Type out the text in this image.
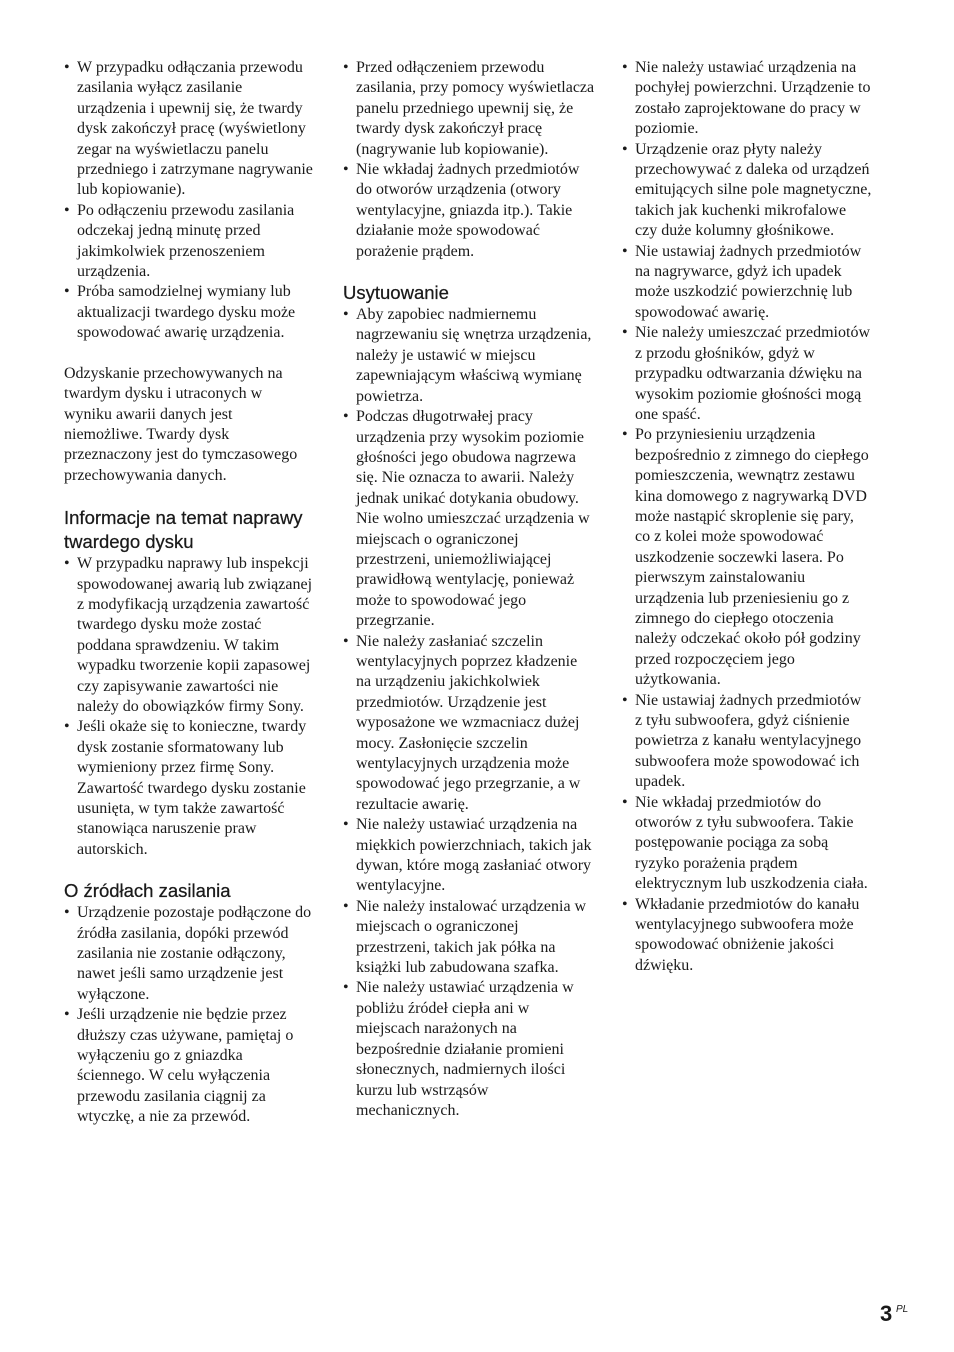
• W przypadku odłączania przewodu zasilania wyłącz zasilanie urządzenia i upewnij się, że twardy dysk zakończył pracę (wyświetlony zegar na wyświetlaczu panelu przedniego i zatrzymane nagrywanie lub kopiowanie).
• Po odłączeniu przewodu zasilania odczekaj jedną minutę przed jakimkolwiek przenoszeniem urządzenia.
• Próba samodzielnej wymiany lub aktualizacji twardego dysku może spowodować awarię urządzenia.

Odzyskanie przechowywanych na twardym dysku i utraconych w wyniku awarii danych jest niemożliwe. Twardy dysk przeznaczony jest do tymczasowego przechowywania danych.

Informacje na temat naprawy twardego dysku
• W przypadku naprawy lub inspekcji spowodowanej awarią lub związanej z modyfikacją urządzenia zawartość twardego dysku może zostać poddana sprawdzeniu. W takim wypadku tworzenie kopii zapasowej czy zapisywanie zawartości nie należy do obowiązków firmy Sony.
• Jeśli okaże się to konieczne, twardy dysk zostanie sformatowany lub wymieniony przez firmę Sony. Zawartość twardego dysku zostanie usunięta, w tym także zawartość stanowiąca naruszenie praw autorskich.
O źródłach zasilania
• Urządzenie pozostaje podłączone do źródła zasilania, dopóki przewód zasilania nie zostanie odłączony, nawet jeśli samo urządzenie jest wyłączone.
• Jeśli urządzenie nie będzie przez dłuższy czas używane, pamiętaj o wyłączeniu go z gniazdka ściennego. W celu wyłączenia przewodu zasilania ciągnij za wtyczkę, a nie za przewód.
• Przed odłączeniem przewodu zasilania, przy pomocy wyświetlacza panelu przedniego upewnij się, że twardy dysk zakończył pracę (nagrywanie lub kopiowanie).
• Nie wkładaj żadnych przedmiotów do otworów urządzenia (otwory wentylacyjne, gniazda itp.). Takie działanie może spowodować porażenie prądem.
Usytuowanie
• Aby zapobiec nadmiernemu nagrzewaniu się wnętrza urządzenia, należy je ustawić w miejscu zapewniającym właściwą wymianę powietrza.
• Podczas długotrwałej pracy urządzenia przy wysokim poziomie głośności jego obudowa nagrzewa się. Nie oznacza to awarii. Należy jednak unikać dotykania obudowy. Nie wolno umieszczać urządzenia w miejscach o ograniczonej przestrzeni, uniemożliwiającej prawidłową wentylację, ponieważ może to spowodować jego przegrzanie.
• Nie należy zasłaniać szczelin wentylacyjnych poprzez kładzenie na urządzeniu jakichkolwiek przedmiotów. Urządzenie jest wyposażone we wzmacniacz dużej mocy. Zasłonięcie szczelin wentylacyjnych urządzenia może spowodować jego przegrzanie, a w rezultacie awarię.
• Nie należy ustawiać urządzenia na miękkich powierzchniach, takich jak dywan, które mogą zasłaniać otwory wentylacyjne.
• Nie należy instalować urządzenia w miejscach o ograniczonej przestrzeni, takich jak półka na książki lub zabudowana szafka.
• Nie należy ustawiać urządzenia w pobliżu źródeł ciepła ani w miejscach narażonych na bezpośrednie działanie promieni słonecznych, nadmiernych ilości kurzu lub wstrząsów mechanicznych.
• Nie należy ustawiać urządzenia na pochyłej powierzchni. Urządzenie to zostało zaprojektowane do pracy w poziomie.
• Urządzenie oraz płyty należy przechowywać z daleka od urządzeń emitujących silne pole magnetyczne, takich jak kuchenki mikrofalowe czy duże kolumny głośnikowe.
• Nie ustawiaj żadnych przedmiotów na nagrywarce, gdyż ich upadek może uszkodzić powierzchnię lub spowodować awarię.
• Nie należy umieszczać przedmiotów z przodu głośników, gdyż w przypadku odtwarzania dźwięku na wysokim poziomie głośności mogą one spaść.
• Po przyniesieniu urządzenia bezpośrednio z zimnego do ciepłego pomieszczenia, wewnątrz zestawu kina domowego z nagrywarką DVD może nastąpić skroplenie się pary, co z kolei może spowodować uszkodzenie soczewki lasera. Po pierwszym zainstalowaniu urządzenia lub przeniesieniu go z zimnego do ciepłego otoczenia należy odczekać około pół godziny przed rozpoczęciem jego użytkowania.
• Nie ustawiaj żadnych przedmiotów z tyłu subwoofera, gdyż ciśnienie powietrza z kanału wentylacyjnego subwoofera może spowodować ich upadek.
• Nie wkładaj przedmiotów do otworów z tyłu subwoofera. Takie postępowanie pociąga za sobą ryzyko porażenia prądem elektrycznym lub uszkodzenia ciała.
• Wkładanie przedmiotów do kanału wentylacyjnego subwoofera może spowodować obniżenie jakości dźwięku.
3 PL
